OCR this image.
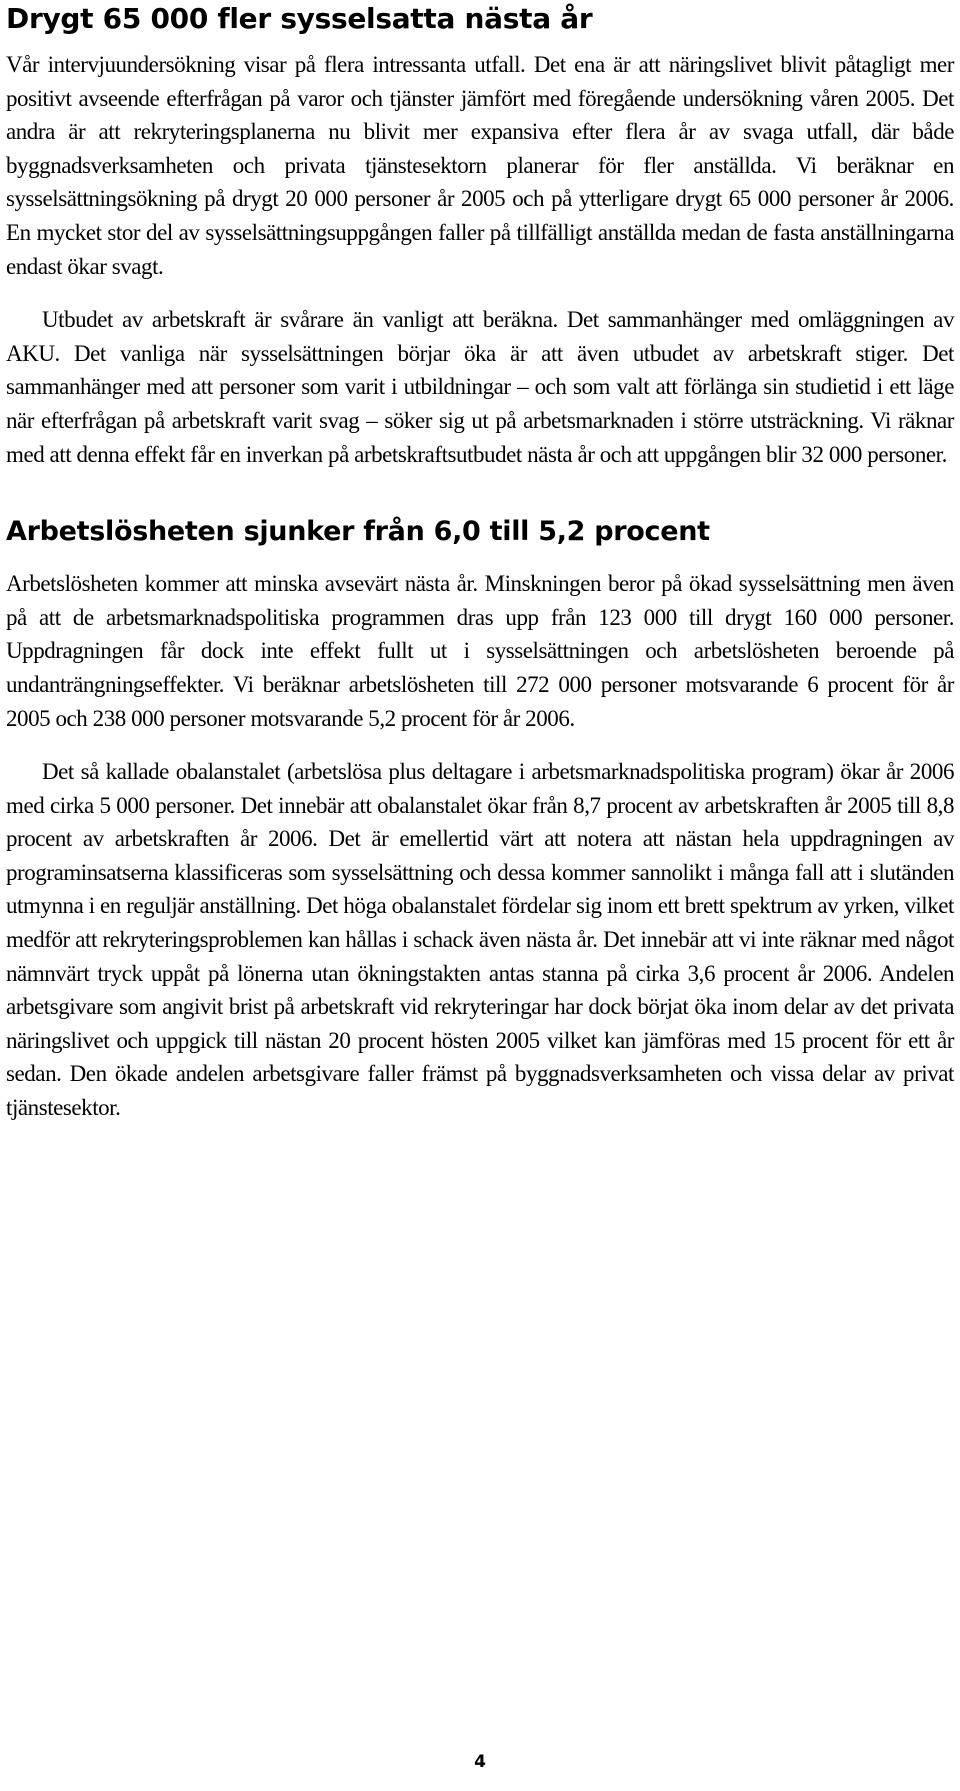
Drygt 65 000 fler sysselsatta nästa år

Vår intervjuundersökning visar på flera intressanta utfall. Det ena är att näringslivet blivit påtagligt mer positivt avseende efterfrågan på varor och tjänster jämfört med föregående undersökning våren 2005. Det andra är att rekryteringsplanerna nu blivit mer expansiva efter flera år av svaga utfall, där både byggnadsverksamheten och privata tjänstesektorn planerar för fler anställda. Vi beräknar en sysselsättningsökning på drygt 20 000 personer år 2005 och på ytterligare drygt 65 000 personer år 2006. En mycket stor del av sysselsättningsuppgången faller på tillfälligt anställda medan de fasta anställningarna endast ökar svagt.

Utbudet av arbetskraft är svårare än vanligt att beräkna. Det sammanhänger med omläggningen av AKU. Det vanliga när sysselsättningen börjar öka är att även utbudet av arbetskraft stiger. Det sammanhänger med att personer som varit i utbildningar – och som valt att förlänga sin studietid i ett läge när efterfrågan på arbetskraft varit svag – söker sig ut på arbetsmarknaden i större utsträckning. Vi räknar med att denna effekt får en inverkan på arbetskraftsutbudet nästa år och att uppgången blir 32 000 personer.

Arbetslösheten sjunker från 6,0 till 5,2 procent

Arbetslösheten kommer att minska avsevärt nästa år. Minskningen beror på ökad sysselsättning men även på att de arbetsmarknadspolitiska programmen dras upp från 123 000 till drygt 160 000 personer. Uppdragningen får dock inte effekt fullt ut i sysselsättningen och arbetslösheten beroende på undanträngningseffekter. Vi beräknar arbetslösheten till 272 000 personer motsvarande 6 procent för år 2005 och 238 000 personer motsvarande 5,2 procent för år 2006.

Det så kallade obalanstalet (arbetslösa plus deltagare i arbetsmarknadspolitiska program) ökar år 2006 med cirka 5 000 personer. Det innebär att obalanstalet ökar från 8,7 procent av arbetskraften år 2005 till 8,8 procent av arbetskraften år 2006. Det är emellertid värt att notera att nästan hela uppdragningen av programinsatserna klassificeras som sysselsättning och dessa kommer sannolikt i många fall att i slutänden utmynna i en reguljär anställning. Det höga obalanstalet fördelar sig inom ett brett spektrum av yrken, vilket medför att rekryteringsproblemen kan hållas i schack även nästa år. Det innebär att vi inte räknar med något nämnvärt tryck uppåt på lönerna utan ökningstakten antas stanna på cirka 3,6 procent år 2006. Andelen arbetsgivare som angivit brist på arbetskraft vid rekryteringar har dock börjat öka inom delar av det privata näringslivet och uppgick till nästan 20 procent hösten 2005 vilket kan jämföras med 15 procent för ett år sedan. Den ökade andelen arbetsgivare faller främst på byggnadsverksamheten och vissa delar av privat tjänstesektor.

4
